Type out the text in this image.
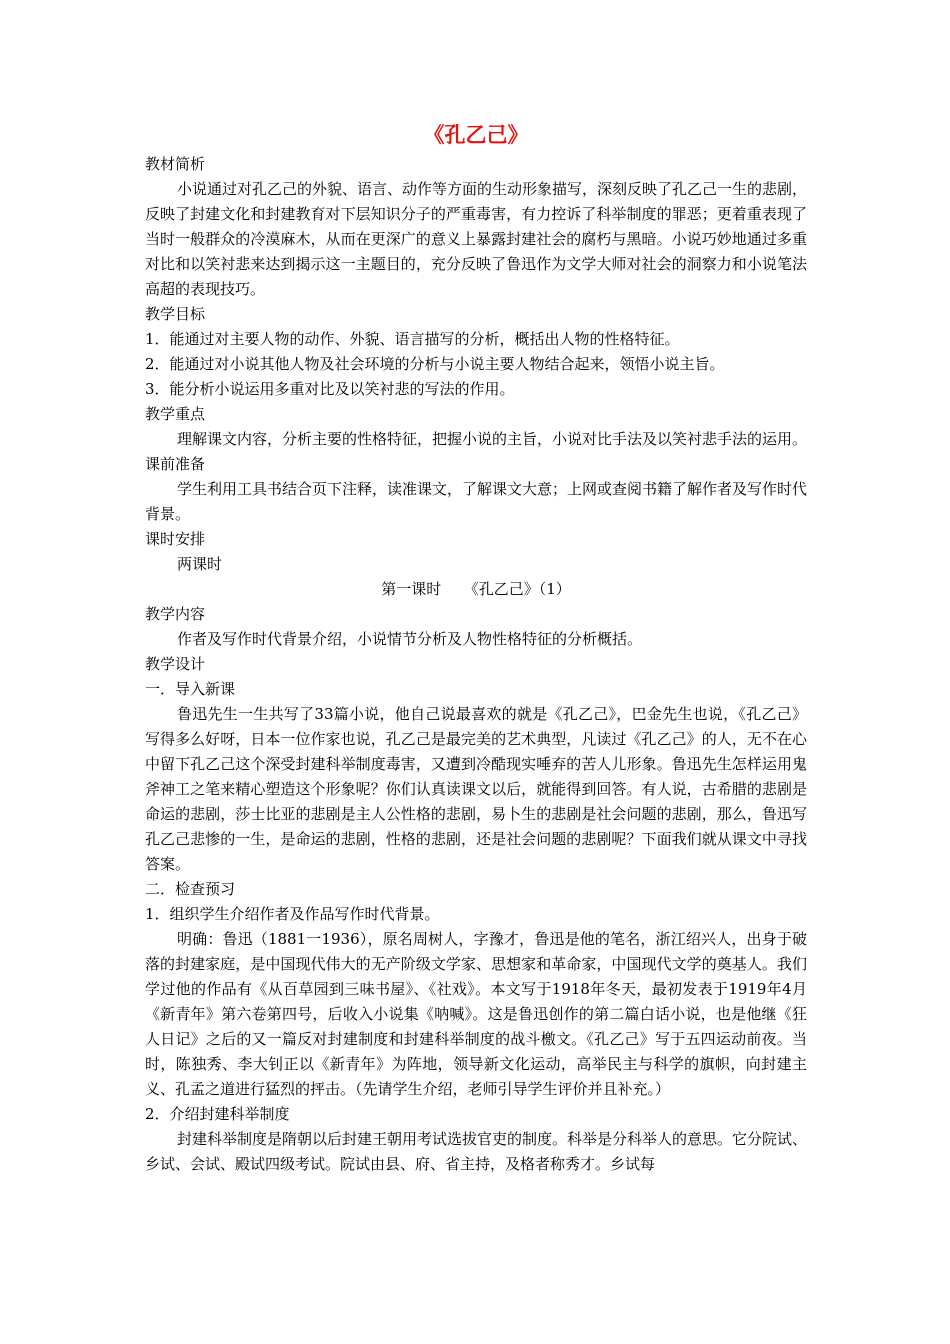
《孔乙己》

教材简析

小说通过对孔乙己的外貌、语言、动作等方面的生动形象描写，深刻反映了孔乙己一生的悲剧，反映了封建文化和封建教育对下层知识分子的严重毒害，有力控诉了科举制度的罪恶；更着重表现了当时一般群众的冷漠麻木，从而在更深广的意义上暴露封建社会的腐朽与黑暗。小说巧妙地通过多重对比和以笑衬悲来达到揭示这一主题目的，充分反映了鲁迅作为文学大师对社会的洞察力和小说笔法高超的表现技巧。

教学目标

1．能通过对主要人物的动作、外貌、语言描写的分析，概括出人物的性格特征。

2．能通过对小说其他人物及社会环境的分析与小说主要人物结合起来，领悟小说主旨。

3．能分析小说运用多重对比及以笑衬悲的写法的作用。

教学重点

理解课文内容，分析主要的性格特征，把握小说的主旨，小说对比手法及以笑衬悲手法的运用。

课前准备

学生利用工具书结合页下注释，读准课文，了解课文大意；上网或查阅书籍了解作者及写作时代背景。

课时安排

两课时

第一课时　　《孔乙己》（1）

教学内容

作者及写作时代背景介绍，小说情节分析及人物性格特征的分析概括。

教学设计

一．导入新课

鲁迅先生一生共写了33篇小说，他自己说最喜欢的就是《孔乙己》，巴金先生也说，《孔乙己》写得多么好呀，日本一位作家也说，孔乙己是最完美的艺术典型，凡读过《孔乙己》的人，无不在心中留下孔乙己这个深受封建科举制度毒害，又遭到冷酷现实唾弃的苦人儿形象。鲁迅先生怎样运用鬼斧神工之笔来精心塑造这个形象呢？你们认真读课文以后，就能得到回答。有人说，古希腊的悲剧是命运的悲剧，莎士比亚的悲剧是主人公性格的悲剧，易卜生的悲剧是社会问题的悲剧，那么，鲁迅写孔乙己悲惨的一生，是命运的悲剧，性格的悲剧，还是社会问题的悲剧呢？下面我们就从课文中寻找答案。

二．检查预习

1．组织学生介绍作者及作品写作时代背景。

明确：鲁迅（1881一1936），原名周树人，字豫才，鲁迅是他的笔名，浙江绍兴人，出身于破落的封建家庭，是中国现代伟大的无产阶级文学家、思想家和革命家，中国现代文学的奠基人。我们学过他的作品有《从百草园到三味书屋》、《社戏》。本文写于1918年冬天，最初发表于1919年4月《新青年》第六卷第四号，后收入小说集《呐喊》。这是鲁迅创作的第二篇白话小说，也是他继《狂人日记》之后的又一篇反对封建制度和封建科举制度的战斗檄文。《孔乙己》写于五四运动前夜。当时，陈独秀、李大钊正以《新青年》为阵地，领导新文化运动，高举民主与科学的旗帜，向封建主义、孔孟之道进行猛烈的抨击。（先请学生介绍，老师引导学生评价并且补充。）

2．介绍封建科举制度

封建科举制度是隋朝以后封建王朝用考试选拔官吏的制度。科举是分科举人的意思。它分院试、乡试、会试、殿试四级考试。院试由县、府、省主持，及格者称秀才。乡试每
